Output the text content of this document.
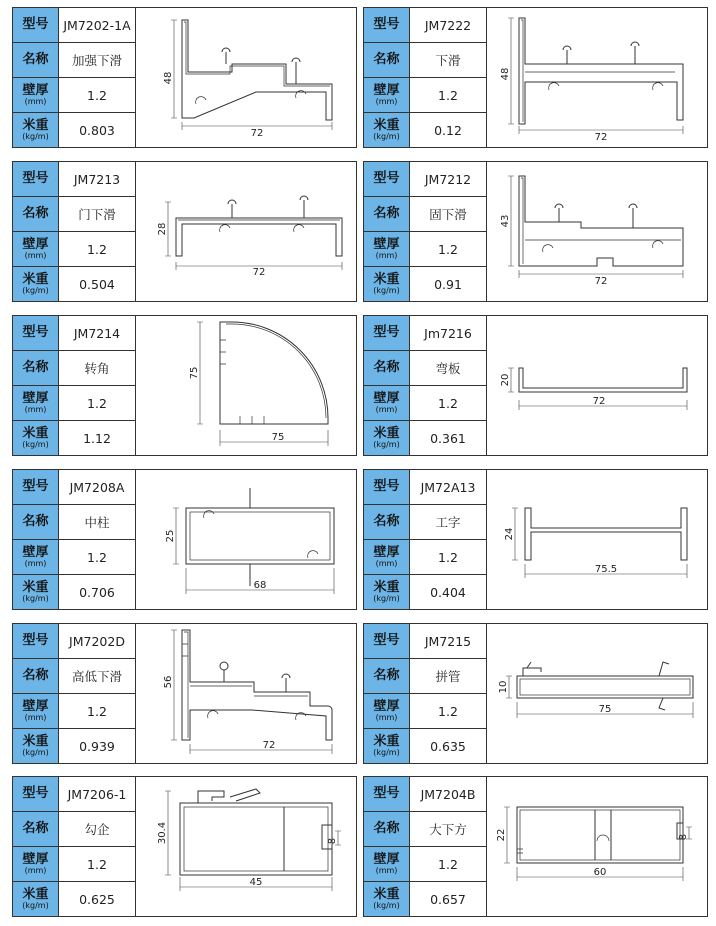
型号	JM7202-1A
名称	加强下滑
壁厚
(mm)	1.2
米重
(kg/m)	0.803
48
72
型号	JM7222
名称	下滑
壁厚
(mm)	1.2
米重
(kg/m)	0.12
48
72
型号	JM7213
名称	门下滑
壁厚
(mm)	1.2
米重
(kg/m)	0.504
28
72
型号	JM7212
名称	固下滑
壁厚
(mm)	1.2
米重
(kg/m)	0.91
43
72
型号	JM7214
名称	转角
壁厚
(mm)	1.2
米重
(kg/m)	1.12
75
75
型号	Jm7216
名称	弯板
壁厚
(mm)	1.2
米重
(kg/m)	0.361
20
72
型号	JM7208A
名称	中柱
壁厚
(mm)	1.2
米重
(kg/m)	0.706
25
68
型号	JM72A13
名称	工字
壁厚
(mm)	1.2
米重
(kg/m)	0.404
24
75.5
型号	JM7202D
名称	高低下滑
壁厚
(mm)	1.2
米重
(kg/m)	0.939
56
72
型号	JM7215
名称	拼管
壁厚
(mm)	1.2
米重
(kg/m)	0.635
10
75
型号	JM7206-1
名称	勾企
壁厚
(mm)	1.2
米重
(kg/m)	0.625
30.4	8
45
型号	JM7204B
名称	大下方
壁厚
(mm)	1.2
米重
(kg/m)	0.657
22	8
60
